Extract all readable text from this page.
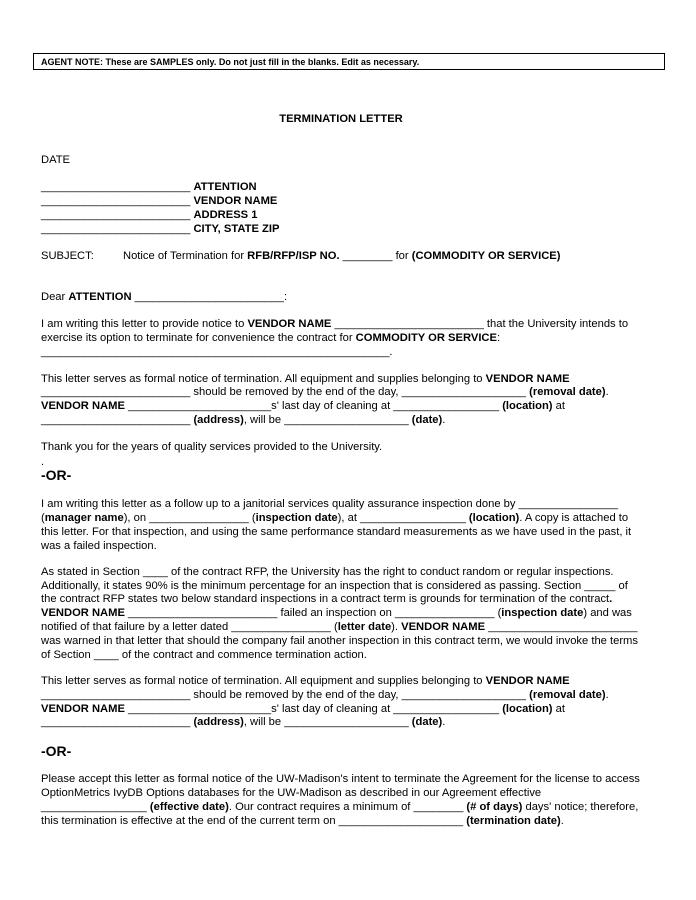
AGENT NOTE: These are SAMPLES only. Do not just fill in the blanks. Edit as necessary.
TERMINATION LETTER
DATE
________________________ ATTENTION
________________________ VENDOR NAME
________________________ ADDRESS 1
________________________ CITY, STATE ZIP
SUBJECT:	Notice of Termination for RFB/RFP/ISP NO. ________ for (COMMODITY OR SERVICE)
Dear ATTENTION ________________________:
I am writing this letter to provide notice to VENDOR NAME ________________________ that the University intends to
exercise its option to terminate for convenience the contract for COMMODITY OR SERVICE:
________________________________________________________.
This letter serves as formal notice of termination. All equipment and supplies belonging to VENDOR NAME
________________________ should be removed by the end of the day, ____________________ (removal date).
VENDOR NAME _______________________s' last day of cleaning at _________________ (location) at
________________________ (address), will be ____________________ (date).
Thank you for the years of quality services provided to the University.
.
-OR-
I am writing this letter as a follow up to a janitorial services quality assurance inspection done by ________________
(manager name), on ________________ (inspection date), at _________________ (location). A copy is attached to
this letter. For that inspection, and using the same performance standard measurements as we have used in the past, it
was a failed inspection.
As stated in Section ____ of the contract RFP, the University has the right to conduct random or regular inspections.
Additionally, it states 90% is the minimum percentage for an inspection that is considered as passing. Section _____ of
the contract RFP states two below standard inspections in a contract term is grounds for termination of the contract.
VENDOR NAME ________________________ failed an inspection on ________________ (inspection date) and was
notified of that failure by a letter dated ________________ (letter date). VENDOR NAME ________________________
was warned in that letter that should the company fail another inspection in this contract term, we would invoke the terms
of Section ____ of the contract and commence termination action.
This letter serves as formal notice of termination. All equipment and supplies belonging to VENDOR NAME
________________________ should be removed by the end of the day, ____________________ (removal date).
VENDOR NAME _______________________s' last day of cleaning at _________________ (location) at
________________________ (address), will be ____________________ (date).
-OR-
Please accept this letter as formal notice of the UW-Madison's intent to terminate the Agreement for the license to access
OptionMetrics IvyDB Options databases for the UW-Madison as described in our Agreement effective
_________________ (effective date). Our contract requires a minimum of ________ (# of days) days' notice; therefore,
this termination is effective at the end of the current term on ____________________ (termination date).
